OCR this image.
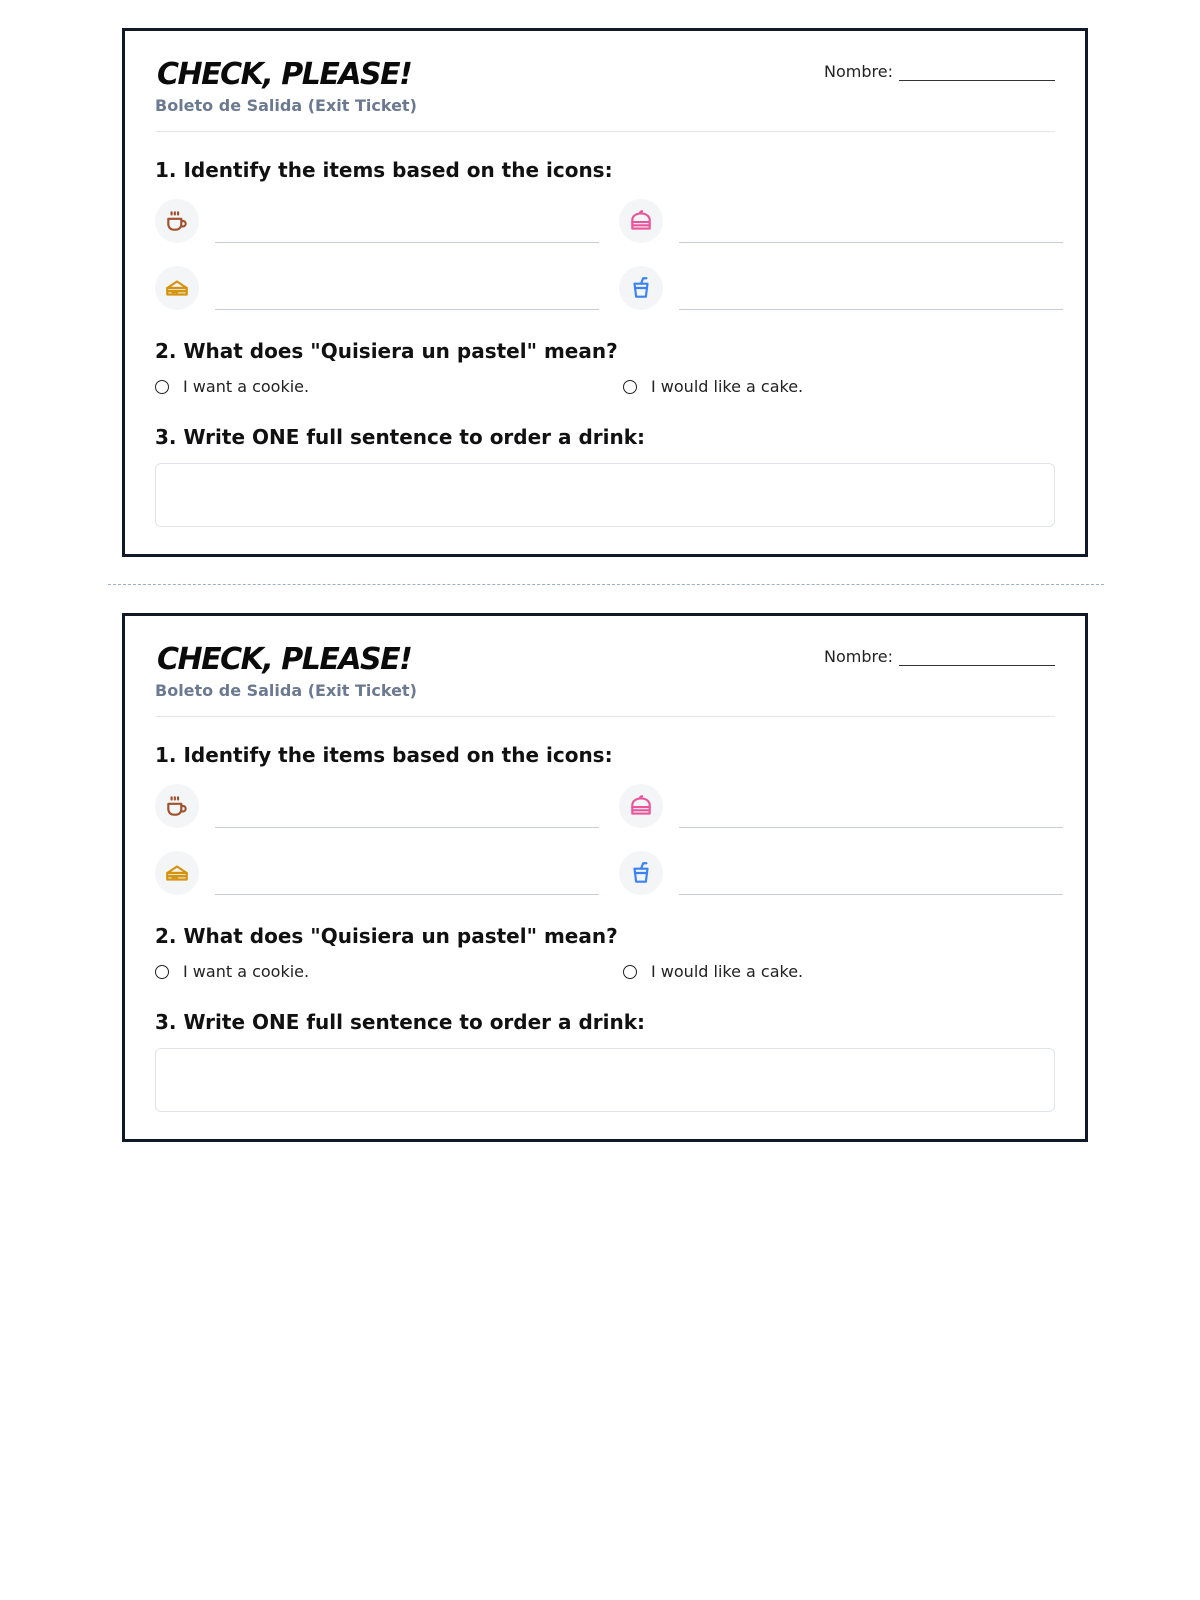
CHECK, PLEASE!
Boleto de Salida (Exit Ticket)
Nombre:
1. Identify the items based on the icons:
2. What does "Quisiera un pastel" mean?
I want a cookie.	I would like a cake.
3. Write ONE full sentence to order a drink:
CHECK, PLEASE!
Boleto de Salida (Exit Ticket)
Nombre:
1. Identify the items based on the icons:
2. What does "Quisiera un pastel" mean?
I want a cookie.	I would like a cake.
3. Write ONE full sentence to order a drink:
